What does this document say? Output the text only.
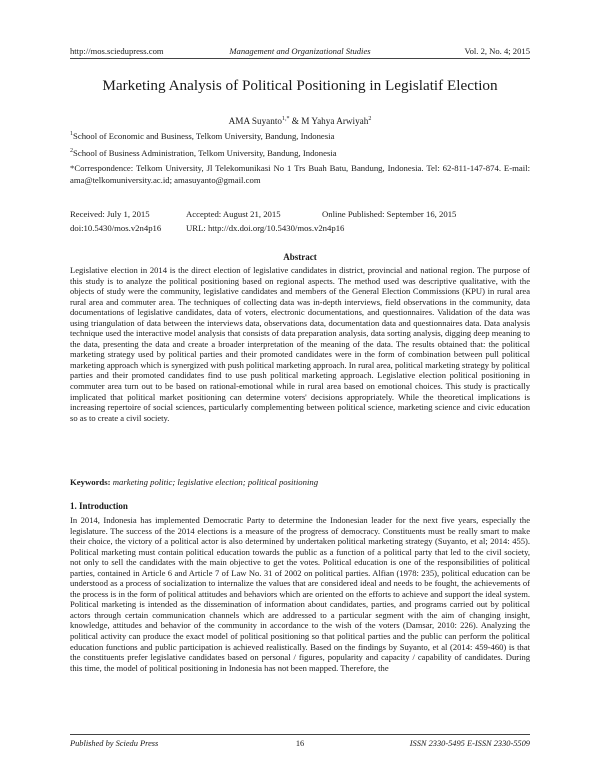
http://mos.sciedupress.com	Management and Organizational Studies	Vol. 2, No. 4; 2015
Marketing Analysis of Political Positioning in Legislatif Election
AMA Suyanto$^{1,*}$ & M Yahya Arwiyah$^2$
$^1$School of Economic and Business, Telkom University, Bandung, Indonesia
$^2$School of Business Administration, Telkom University, Bandung, Indonesia
*Correspondence: Telkom University, Jl Telekomunikasi No 1 Trs Buah Batu, Bandung, Indonesia. Tel: 62-811-147-874. E-mail: ama@telkomuniversity.ac.id; amasuyanto@gmail.com
Received: July 1, 2015	Accepted: August 21, 2015	Online Published: September 16, 2015
doi:10.5430/mos.v2n4p16	URL: http://dx.doi.org/10.5430/mos.v2n4p16
Abstract
Legislative election in 2014 is the direct election of legislative candidates in district, provincial and national region. The purpose of this study is to analyze the political positioning based on regional aspects. The method used was descriptive qualitative, with the objects of study were the community, legislative candidates and members of the General Election Commissions (KPU) in rural area rural area and commuter area. The techniques of collecting data was in-depth interviews, field observations in the community, data documentations of legislative candidates, data of voters, electronic documentations, and questionnaires. Validation of the data was using triangulation of data between the interviews data, observations data, documentation data and questionnaires data. Data analysis technique used the interactive model analysis that consists of data preparation analysis, data sorting analysis, digging deep meaning to the data, presenting the data and create a broader interpretation of the meaning of the data. The results obtained that: the political marketing strategy used by political parties and their promoted candidates were in the form of combination between pull political marketing approach which is synergized with push political marketing approach. In rural area, political marketing strategy by political parties and their promoted candidates find to use push political marketing approach. Legislative election political positioning in commuter area turn out to be based on rational-emotional while in rural area based on emotional choices. This study is practically implicated that political market positioning can determine voters' decisions appropriately. While the theoretical implications is increasing repertoire of social sciences, particularly complementing between political science, marketing science and civic education so as to create a civil society.
Keywords: marketing politic; legislative election; political positioning
1. Introduction
In 2014, Indonesia has implemented Democratic Party to determine the Indonesian leader for the next five years, especially the legislature. The success of the 2014 elections is a measure of the progress of democracy. Constituents must be really smart to make their choice, the victory of a political actor is also determined by undertaken political marketing strategy (Suyanto, et al; 2014: 455). Political marketing must contain political education towards the public as a function of a political party that led to the civil society, not only to sell the candidates with the main objective to get the votes. Political education is one of the responsibilities of political parties, contained in Article 6 and Article 7 of Law No. 31 of 2002 on political parties. Alfian (1978: 235), political education can be understood as a process of socialization to internalize the values that are considered ideal and needs to be fought, the achievements of the process is in the form of political attitudes and behaviors which are oriented on the efforts to achieve and support the ideal system. Political marketing is intended as the dissemination of information about candidates, parties, and programs carried out by political actors through certain communication channels which are addressed to a particular segment with the aim of changing insight, knowledge, attitudes and behavior of the community in accordance to the wish of the voters (Damsar, 2010: 226). Analyzing the political activity can produce the exact model of political positioning so that political parties and the public can perform the political education functions and public participation is achieved realistically. Based on the findings by Suyanto, et al (2014: 459-460) is that the constituents prefer legislative candidates based on personal / figures, popularity and capacity / capability of candidates. During this time, the model of political positioning in Indonesia has not been mapped. Therefore, the
Published by Sciedu Press	16	ISSN 2330-5495 E-ISSN 2330-5509
